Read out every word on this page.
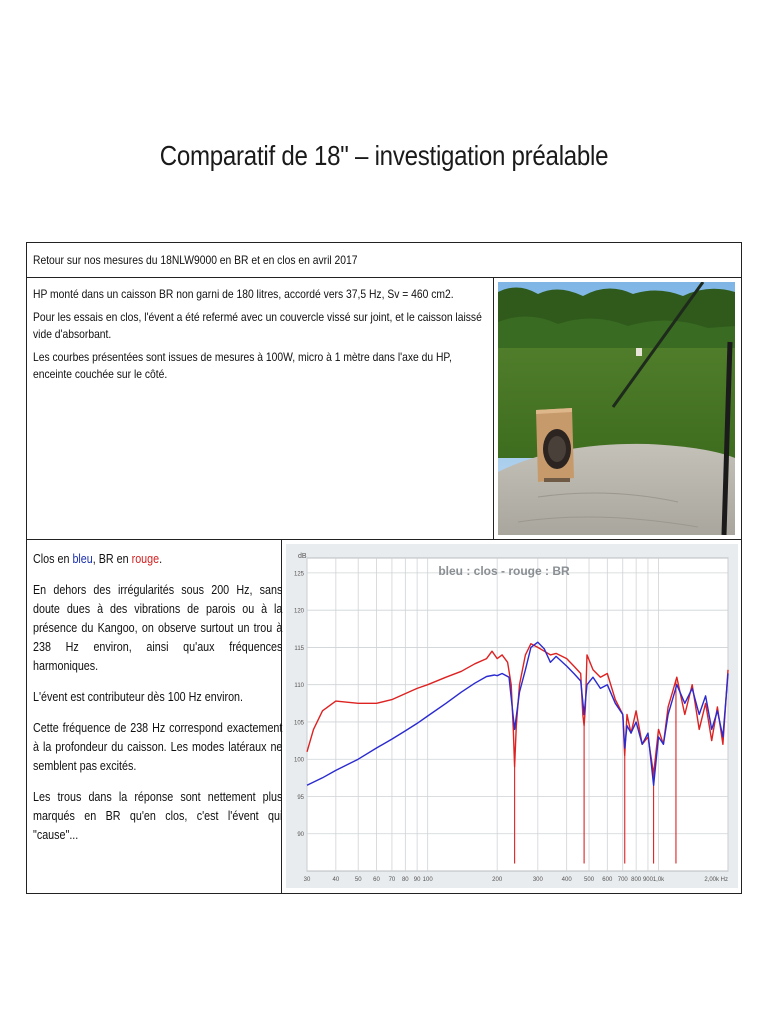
Comparatif de 18" – investigation préalable
Retour sur nos mesures du 18NLW9000 en BR et en clos en avril 2017

HP monté dans un caisson BR non garni de 180 litres, accordé vers 37,5 Hz, Sv = 460 cm2.

Pour les essais en clos, l'évent a été refermé avec un couvercle vissé sur joint, et le caisson laissé vide d'absorbant.

Les courbes présentées sont issues de mesures à 100W, micro à 1 mètre dans l'axe du HP, enceinte couchée sur le côté.

Clos en bleu, BR en rouge.

En dehors des irrégularités sous 200 Hz, sans doute dues à des vibrations de parois ou à la présence du Kangoo, on observe surtout un trou à 238 Hz environ, ainsi qu'aux fréquences harmoniques.

L'évent est contributeur dès 100 Hz environ.

Cette fréquence de 238 Hz correspond exactement à la profondeur du caisson. Les modes latéraux ne semblent pas excités.

Les trous dans la réponse sont nettement plus marqués en BR qu'en clos, c'est l'évent qui "cause"...

bleu : clos - rouge : BR
dB
90
95
100
105
110
115
120
125
30	40	50 60 70 80 90 100	200	300	400 500 600 700 800 900 1,0k	2,00k Hz
